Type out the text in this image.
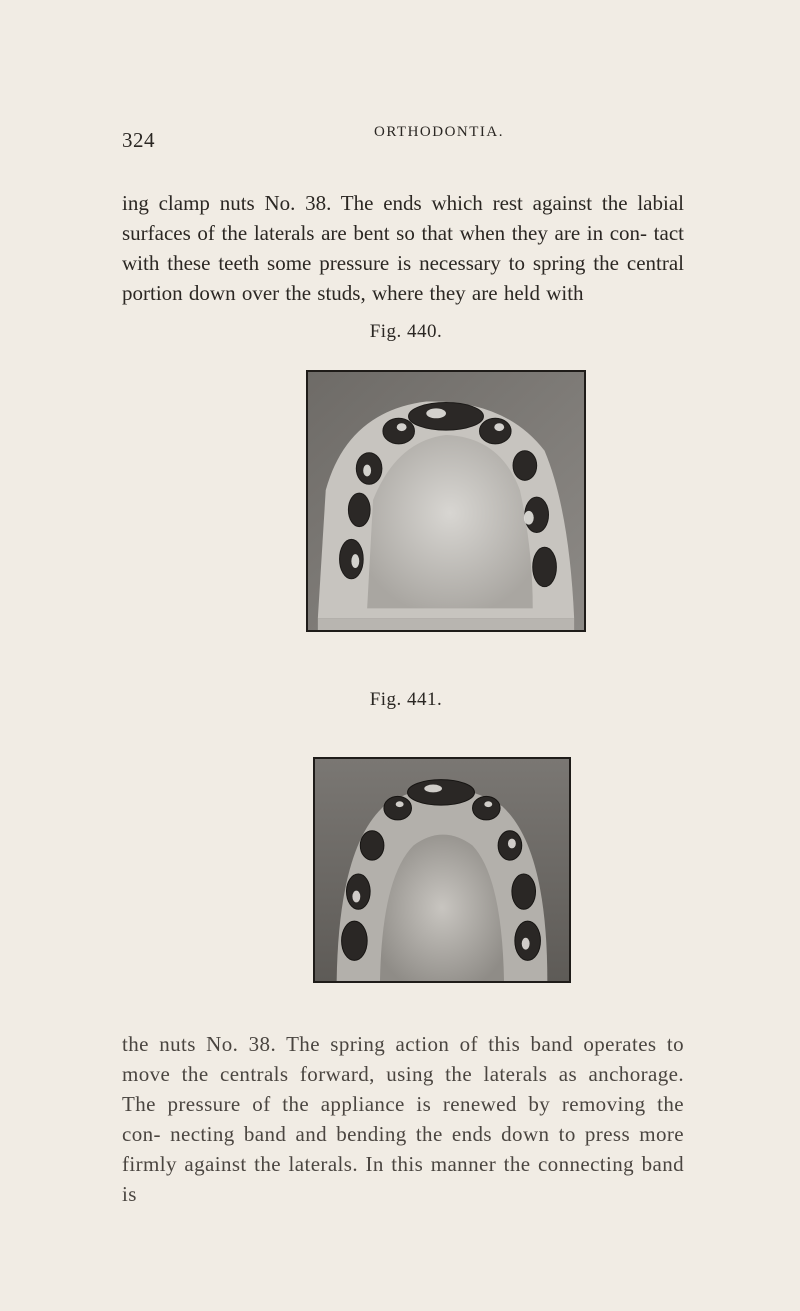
324	ORTHODONTIA.

ing clamp nuts No. 38. The ends which rest against the labial surfaces of the laterals are bent so that when they are in con- tact with these teeth some pressure is necessary to spring the central portion down over the studs, where they are held with

Fig. 440.
Fig. 441.

the nuts No. 38. The spring action of this band operates to move the centrals forward, using the laterals as anchorage. The pressure of the appliance is renewed by removing the con- necting band and bending the ends down to press more firmly against the laterals. In this manner the connecting band is
